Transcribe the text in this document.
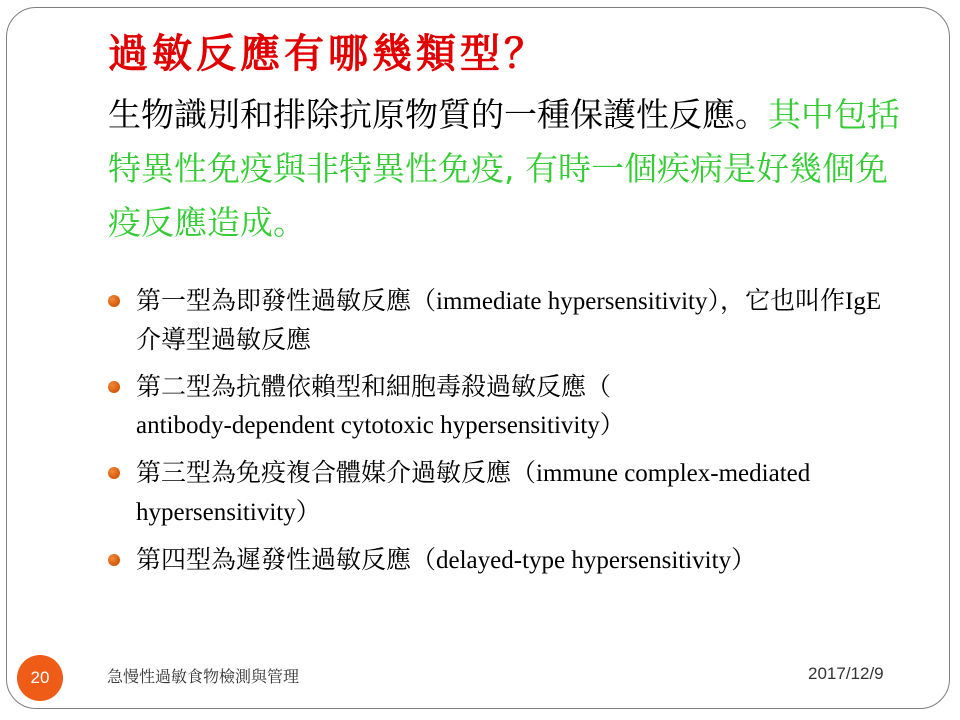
過敏反應有哪幾類型？
生物識別和排除抗原物質的一種保護性反應。其中包括特異性免疫與非特異性免疫, 有時一個疾病是好幾個免疫反應造成。
第一型為即發性過敏反應（immediate hypersensitivity），它也叫作IgE介導型過敏反應
第二型為抗體依賴型和細胞毒殺過敏反應（
antibody-dependent cytotoxic hypersensitivity）
第三型為免疫複合體媒介過敏反應（immune complex-mediated hypersensitivity）
第四型為遲發性過敏反應（delayed-type hypersensitivity）
20	急慢性過敏食物檢測與管理	2017/12/9
